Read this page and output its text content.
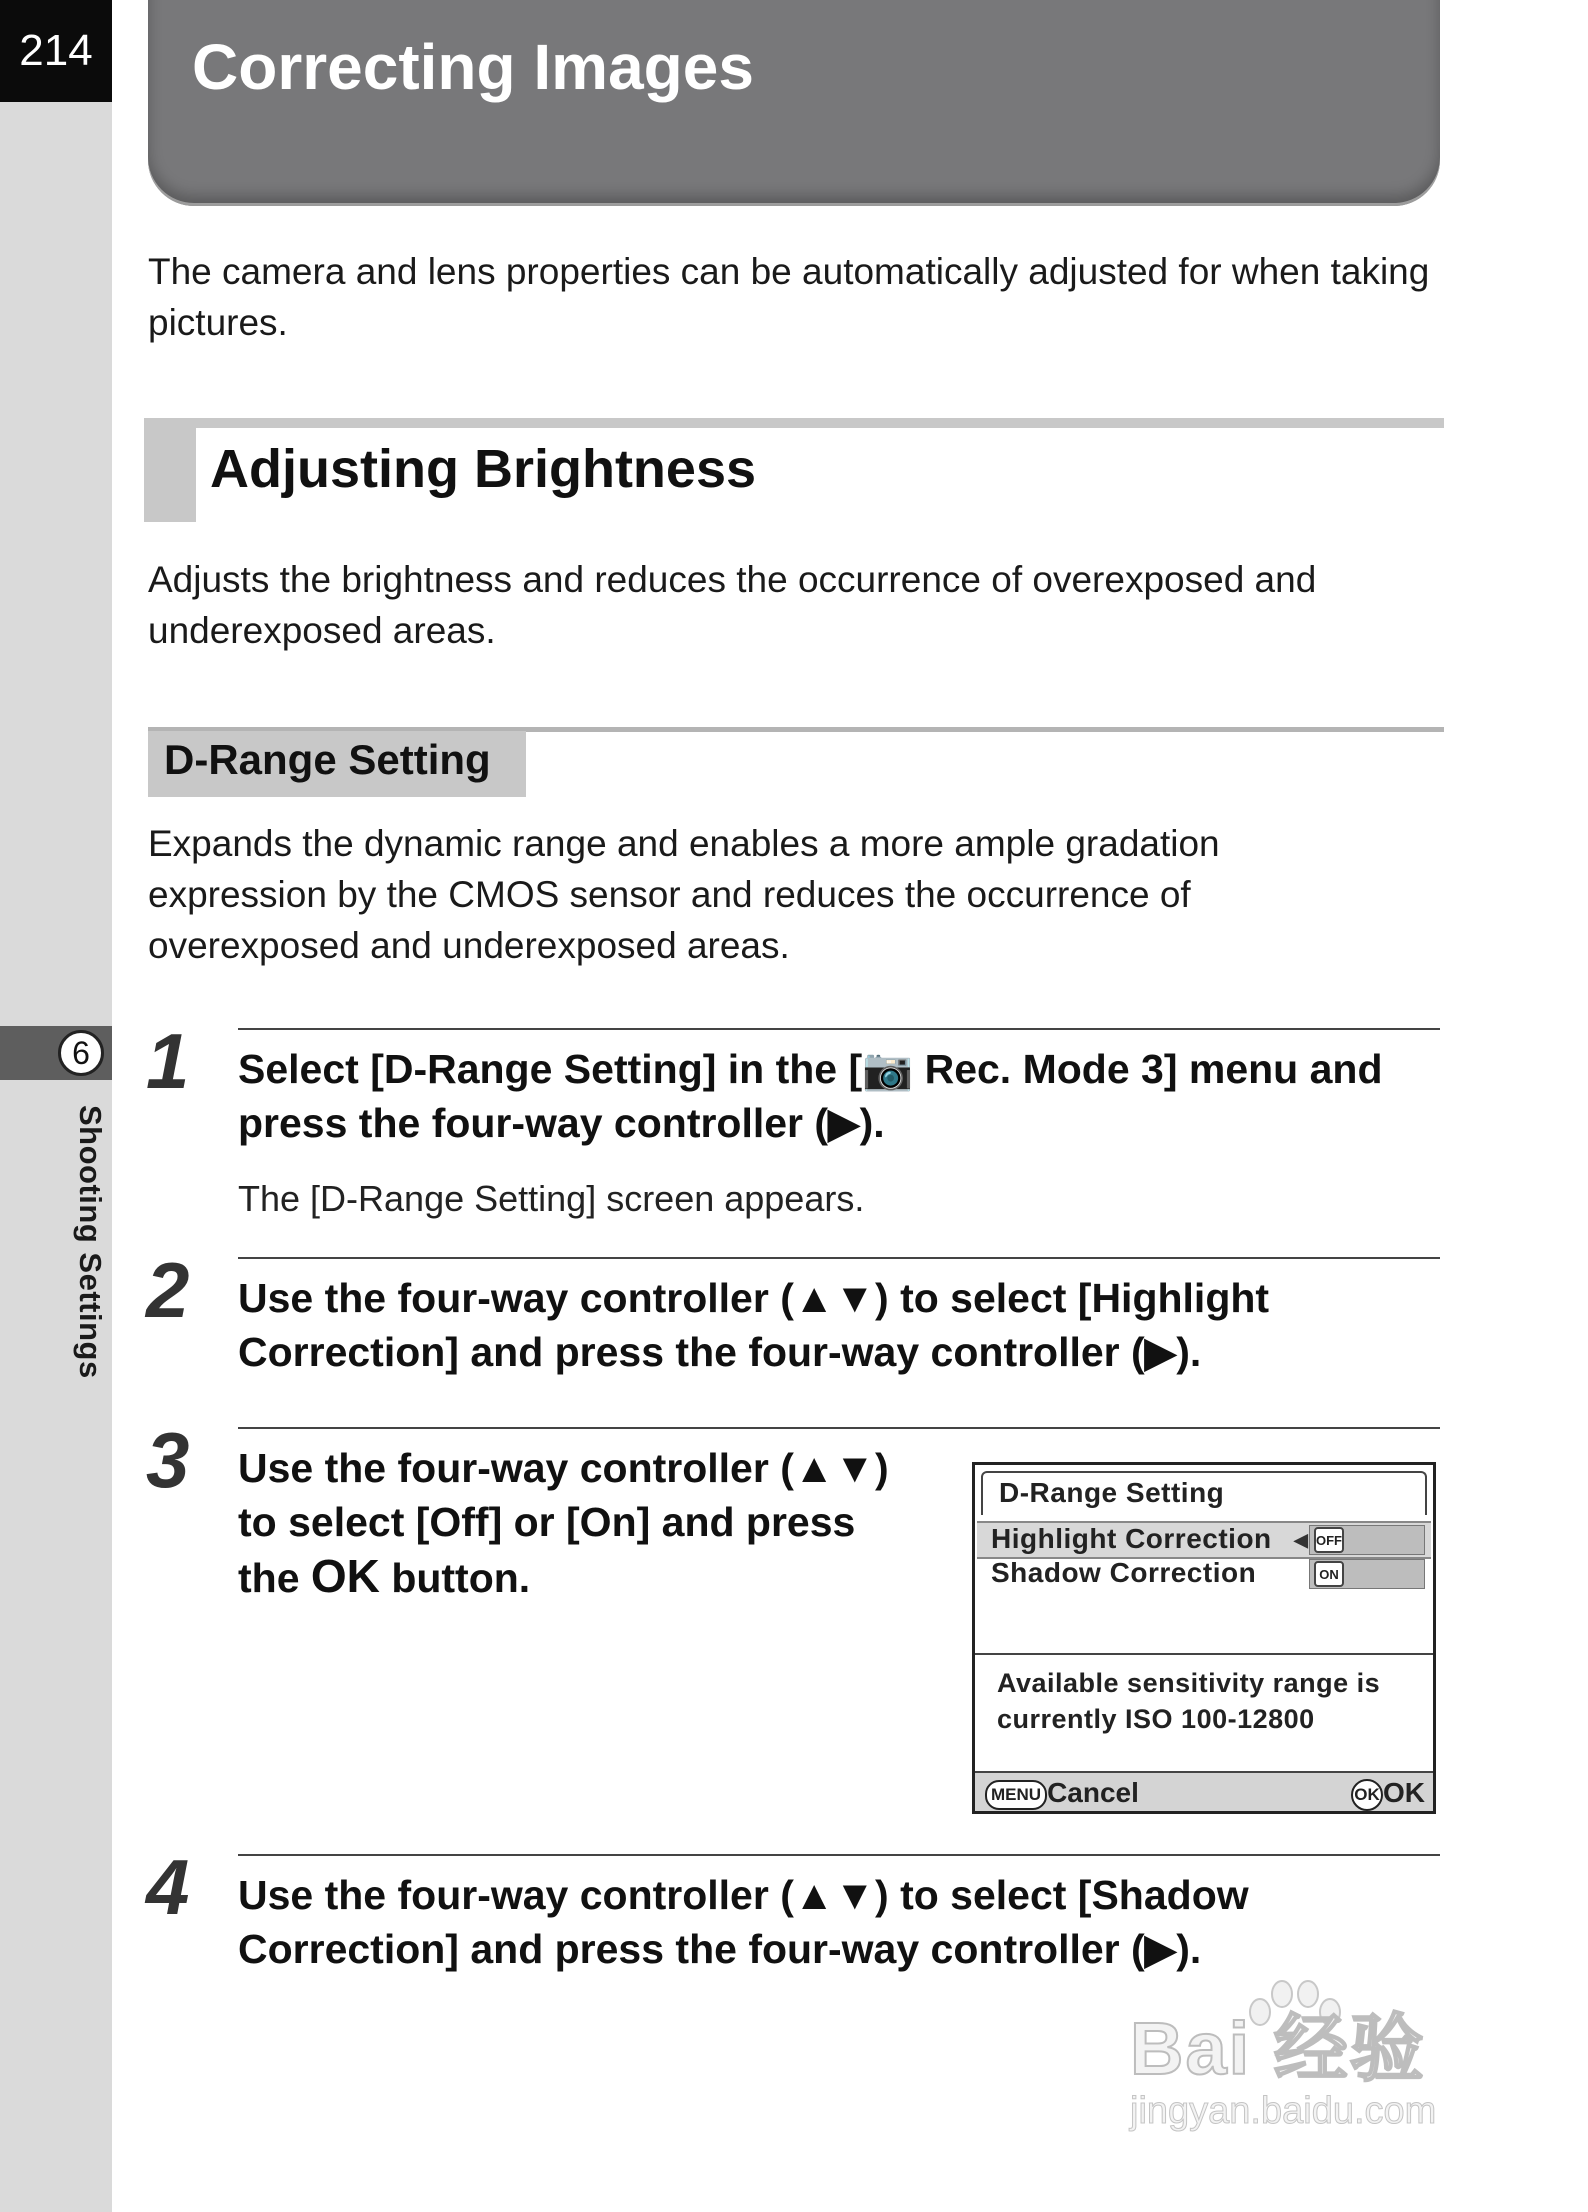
214
6
Shooting Settings
Correcting Images
The camera and lens properties can be automatically adjusted for when taking pictures.
Adjusting Brightness
Adjusts the brightness and reduces the occurrence of overexposed and underexposed areas.
D-Range Setting
Expands the dynamic range and enables a more ample gradation expression by the CMOS sensor and reduces the occurrence of overexposed and underexposed areas.
1 Select [D-Range Setting] in the [📷 Rec. Mode 3] menu and
press the four-way controller (▶).
The [D-Range Setting] screen appears.
2 Use the four-way controller (▲▼) to select [Highlight
Correction] and press the four-way controller (▶).
3 Use the four-way controller (▲▼)
to select [Off] or [On] and press
the OK button.
D-Range Setting
Highlight Correction ◀ OFF
Shadow Correction	ON
Available sensitivity range is
currently ISO 100-12800
MENU Cancel	OK OK
4 Use the four-way controller (▲▼) to select [Shadow
Correction] and press the four-way controller (▶).
Bai 经验
jingyan.baidu.com
